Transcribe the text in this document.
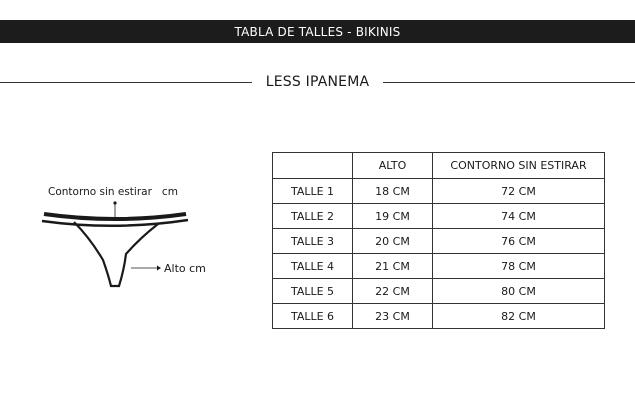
TABLA DE TALLES - BIKINIS
LESS IPANEMA
Contorno sin estirar   cm
Alto cm
	ALTO	CONTORNO SIN ESTIRAR
TALLE 1	18 CM	72 CM
TALLE 2	19 CM	74 CM
TALLE 3	20 CM	76 CM
TALLE 4	21 CM	78 CM
TALLE 5	22 CM	80 CM
TALLE 6	23 CM	82 CM
